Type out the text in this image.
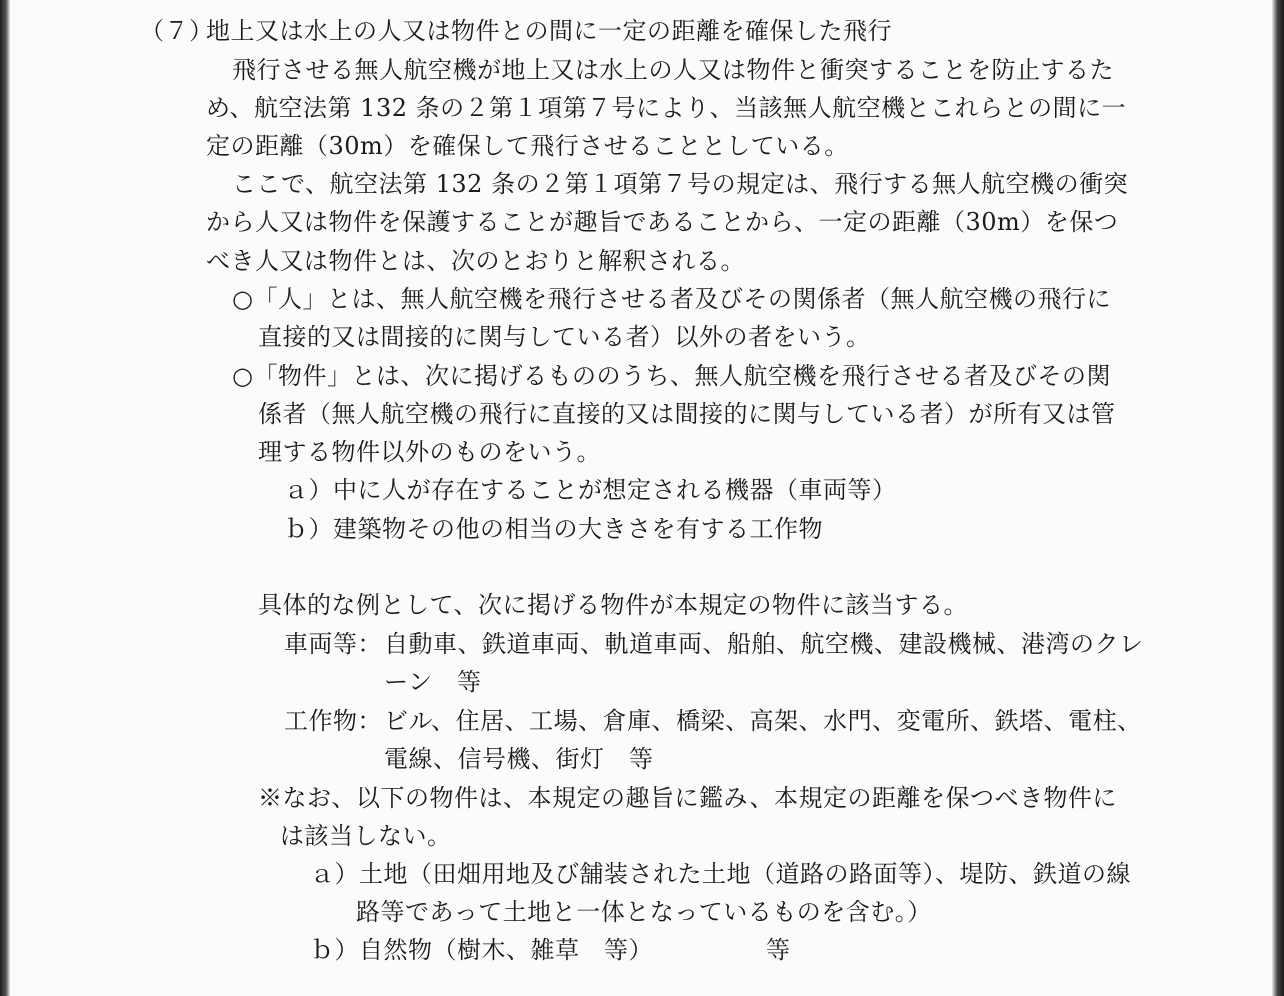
（７）
地上又は水上の人又は物件との間に一定の距離を確保した飛行
飛行させる無人航空機が地上又は水上の人又は物件と衝突することを防止するた
め、航空法第 132 条の２第１項第７号により、当該無人航空機とこれらとの間に一
定の距離（30m）を確保して飛行させることとしている。
ここで、航空法第 132 条の２第１項第７号の規定は、飛行する無人航空機の衝突
から人又は物件を保護することが趣旨であることから、一定の距離（30m）を保つ
べき人又は物件とは、次のとおりと解釈される。
○「人」とは、無人航空機を飛行させる者及びその関係者（無人航空機の飛行に
直接的又は間接的に関与している者）以外の者をいう。
○「物件」とは、次に掲げるもののうち、無人航空機を飛行させる者及びその関
係者（無人航空機の飛行に直接的又は間接的に関与している者）が所有又は管
理する物件以外のものをいう。
ａ）中に人が存在することが想定される機器（車両等）
ｂ）建築物その他の相当の大きさを有する工作物
具体的な例として、次に掲げる物件が本規定の物件に該当する。
車両等： 自動車、鉄道車両、軌道車両、船舶、航空機、建設機械、港湾のクレ
ーン　等
工作物： ビル、住居、工場、倉庫、橋梁、高架、水門、変電所、鉄塔、電柱、
電線、信号機、街灯　等
※なお、以下の物件は、本規定の趣旨に鑑み、本規定の距離を保つべき物件に
は該当しない。
ａ）土地（田畑用地及び舗装された土地（道路の路面等）、堤防、鉄道の線
路等であって土地と一体となっているものを含む。）
ｂ）自然物（樹木、雑草　等）	等
